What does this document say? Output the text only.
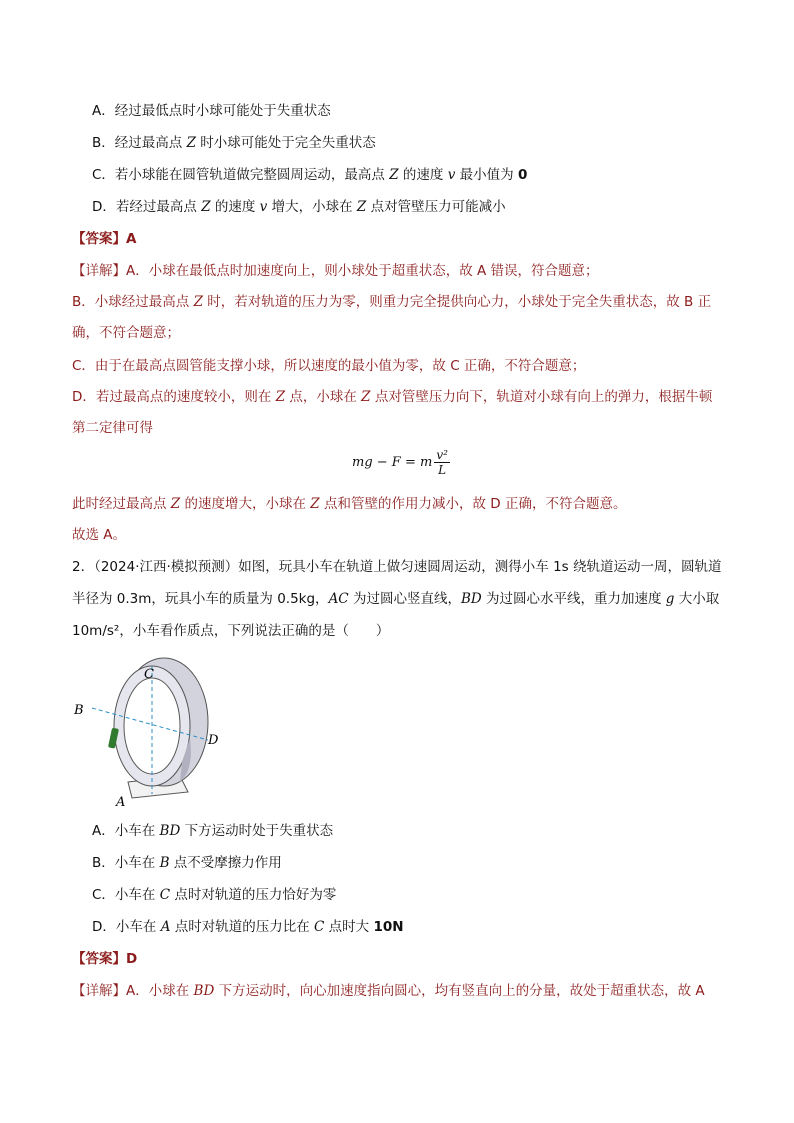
A．经过最低点时小球可能处于失重状态
B．经过最高点 Z 时小球可能处于完全失重状态
C．若小球能在圆管轨道做完整圆周运动，最高点 Z 的速度 v 最小值为 0
D．若经过最高点 Z 的速度 v 增大，小球在 Z 点对管壁压力可能减小
【答案】A
【详解】A．小球在最低点时加速度向上，则小球处于超重状态，故 A 错误，符合题意；
B．小球经过最高点 Z 时，若对轨道的压力为零，则重力完全提供向心力，小球处于完全失重状态，故 B 正
确，不符合题意；
C．由于在最高点圆管能支撑小球，所以速度的最小值为零，故 C 正确，不符合题意；
D．若过最高点的速度较小，则在 Z 点，小球在 Z 点对管壁压力向下，轨道对小球有向上的弹力，根据牛顿
第二定律可得
mg − F = m $\frac{\text{v²}}{L}$
此时经过最高点 Z 的速度增大，小球在 Z 点和管壁的作用力减小，故 D 正确，不符合题意。
故选 A。
2．（2024·江西·模拟预测）如图，玩具小车在轨道上做匀速圆周运动，测得小车 1s 绕轨道运动一周，圆轨道
半径为 0.3m，玩具小车的质量为 0.5kg，AC 为过圆心竖直线，BD 为过圆心水平线，重力加速度 g 大小取
10m/s²，小车看作质点，下列说法正确的是（　　）
C
B
D
A
A．小车在 BD 下方运动时处于失重状态
B．小车在 B 点不受摩擦力作用
C．小车在 C 点时对轨道的压力恰好为零
D．小车在 A 点时对轨道的压力比在 C 点时大 10N
【答案】D
【详解】A．小球在 BD 下方运动时，向心加速度指向圆心，均有竖直向上的分量，故处于超重状态，故 A
